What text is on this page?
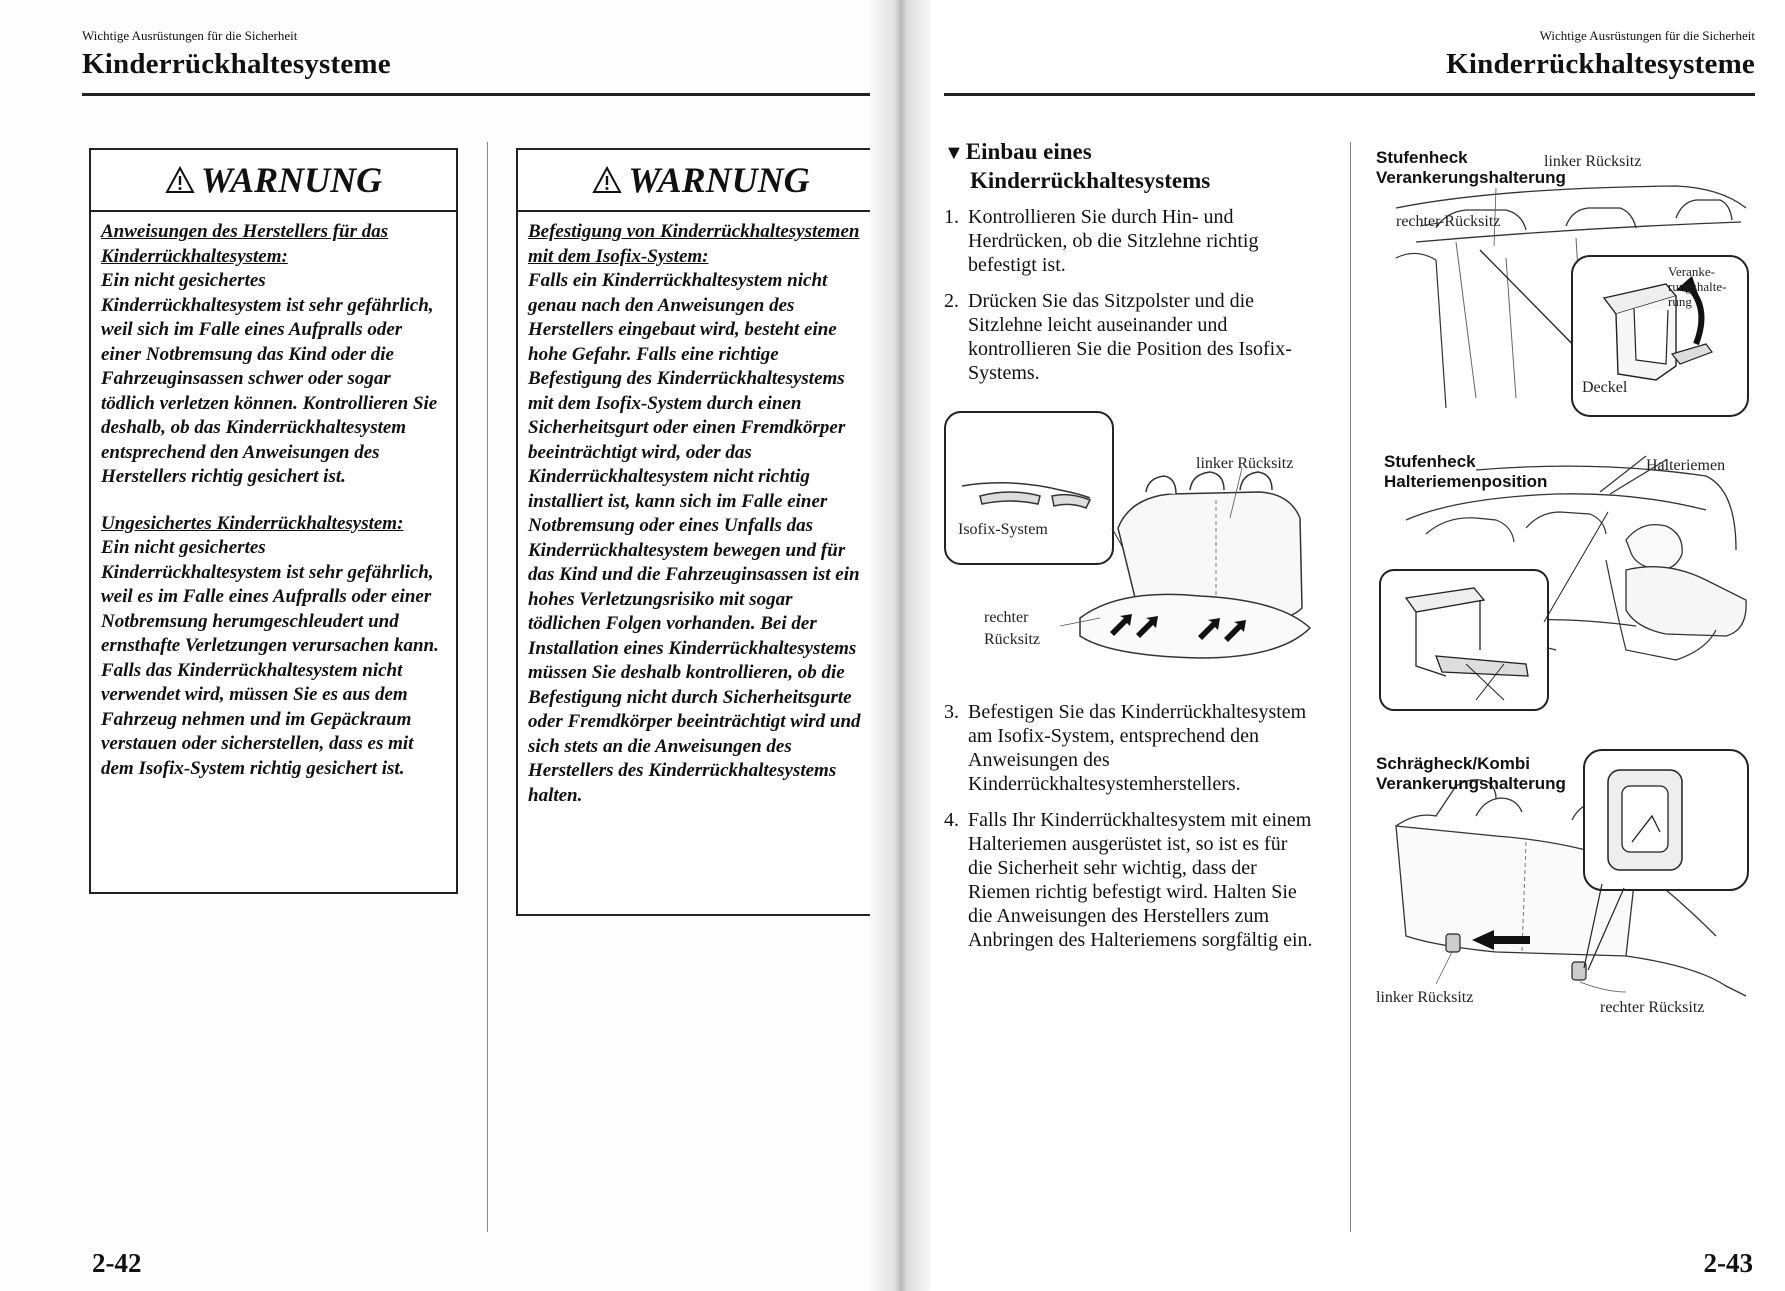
Wichtige Ausrüstungen für die Sicherheit
Kinderrückhaltesysteme
WARNUNG

Anweisungen des Herstellers für das Kinderrückhaltesystem:
Ein nicht gesichertes Kinderrückhaltesystem ist sehr gefährlich, weil sich im Falle eines Aufpralls oder einer Notbremsung das Kind oder die Fahrzeuginsassen schwer oder sogar tödlich verletzen können. Kontrollieren Sie deshalb, ob das Kinderrückhaltesystem entsprechend den Anweisungen des Herstellers richtig gesichert ist.

Ungesichertes Kinderrückhaltesystem:
Ein nicht gesichertes Kinderrückhaltesystem ist sehr gefährlich, weil es im Falle eines Aufpralls oder einer Notbremsung herumgeschleudert und ernsthafte Verletzungen verursachen kann. Falls das Kinderrückhaltesystem nicht verwendet wird, müssen Sie es aus dem Fahrzeug nehmen und im Gepäckraum verstauen oder sicherstellen, dass es mit dem Isofix-System richtig gesichert ist.

WARNUNG

Befestigung von Kinderrückhaltesystemen mit dem Isofix-System:
Falls ein Kinderrückhaltesystem nicht genau nach den Anweisungen des Herstellers eingebaut wird, besteht eine hohe Gefahr. Falls eine richtige Befestigung des Kinderrückhaltesystems mit dem Isofix-System durch einen Sicherheitsgurt oder einen Fremdkörper beeinträchtigt wird, oder das Kinderrückhaltesystem nicht richtig installiert ist, kann sich im Falle einer Notbremsung oder eines Unfalls das Kinderrückhaltesystem bewegen und für das Kind und die Fahrzeuginsassen ist ein hohes Verletzungsrisiko mit sogar tödlichen Folgen vorhanden. Bei der Installation eines Kinderrückhaltesystems müssen Sie deshalb kontrollieren, ob die Befestigung nicht durch Sicherheitsgurte oder Fremdkörper beeinträchtigt wird und sich stets an die Anweisungen des Herstellers des Kinderrückhaltesystems halten.

2-42
Wichtige Ausrüstungen für die Sicherheit
Kinderrückhaltesysteme
2-43
▼Einbau eines
Kinderrückhaltesystems
1. Kontrollieren Sie durch Hin- und Herdrücken, ob die Sitzlehne richtig befestigt ist.
2. Drücken Sie das Sitzpolster und die Sitzlehne leicht auseinander und kontrollieren Sie die Position des Isofix-Systems.
3. Befestigen Sie das Kinderrückhaltesystem am Isofix-System, entsprechend den Anweisungen des Kinderrückhaltesystemherstellers.
4. Falls Ihr Kinderrückhaltesystem mit einem Halteriemen ausgerüstet ist, so ist es für die Sicherheit sehr wichtig, dass der Riemen richtig befestigt wird. Halten Sie die Anweisungen des Herstellers zum Anbringen des Halteriemens sorgfältig ein.
Isofix-System
linker Rücksitz
rechter
Rücksitz
Stufenheck
Verankerungshalterung
linker Rücksitz
rechter Rücksitz
Veranke-
rungshalte-
rung
Deckel
Stufenheck
Halteriemenposition
Halteriemen
Schrägheck/Kombi
Verankerungshalterung
linker Rücksitz
rechter Rücksitz
